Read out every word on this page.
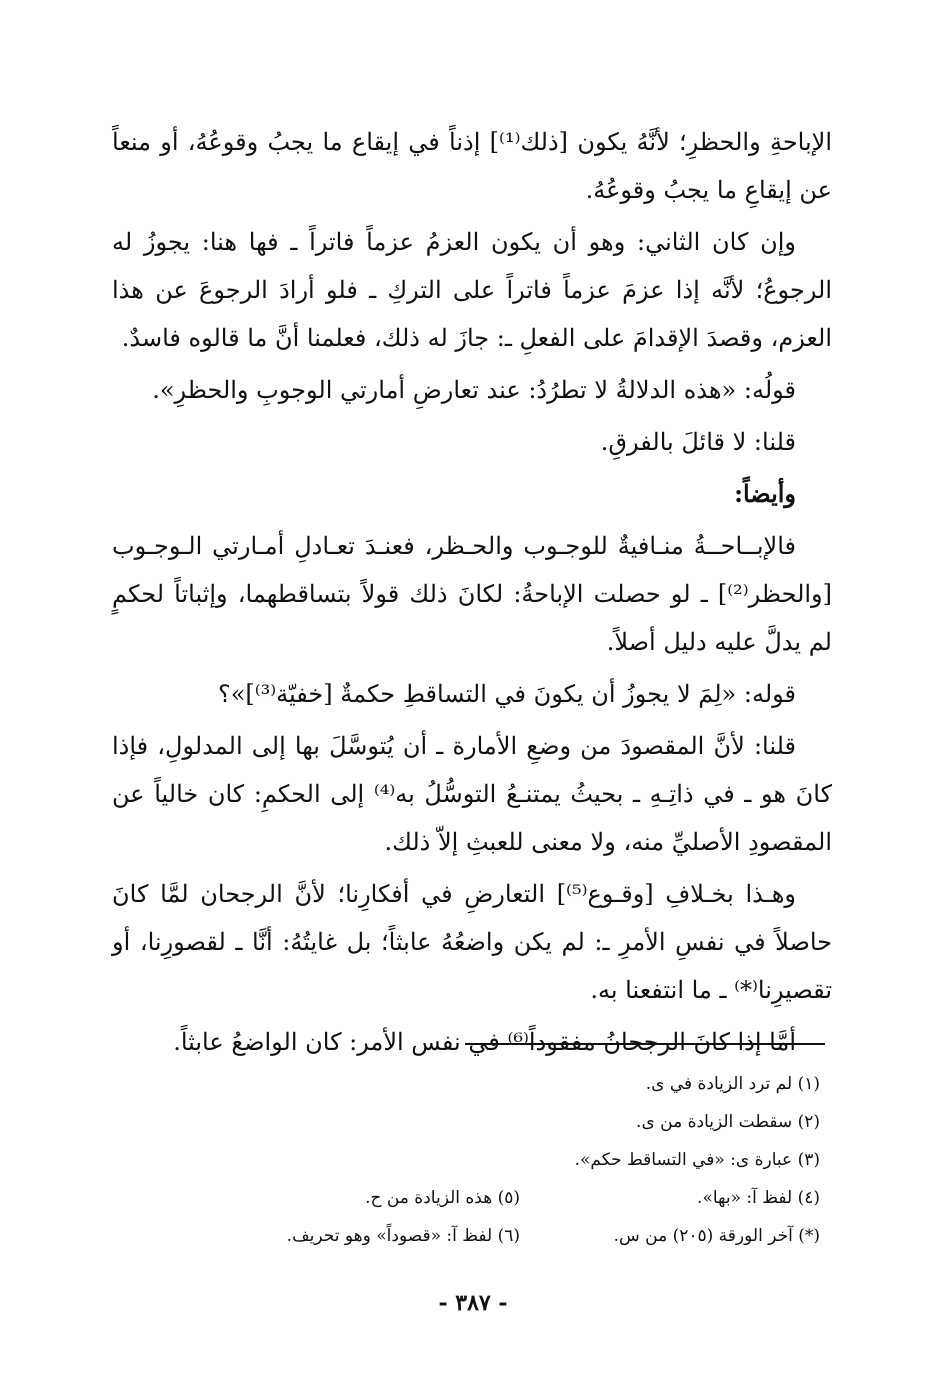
الإباحةِ والحظرِ؛ لأنَّهُ يكون [ذلك⁽¹⁾] إذناً في إيقاع ما يجبُ وقوعُهُ، أو منعاً عن إيقاعِ ما يجبُ وقوعُهُ.

وإن كان الثاني: وهو أن يكون العزمُ عزماً فاتراً ـ فها هنا: يجوزُ له الرجوعُ؛ لأنَّه إذا عزمَ عزماً فاتراً على التركِ ـ فلو أرادَ الرجوعَ عن هذا العزم، وقصدَ الإقدامَ على الفعلِ ـ: جازَ له ذلك، فعلمنا أنَّ ما قالوه فاسدٌ.

قولُه: «هذه الدلالةُ لا تطرُدُ: عند تعارضِ أمارتي الوجوبِ والحظرِ».

قلنا: لا قائلَ بالفرقِ.

وأيضاً:

فالإبــاحــةُ منـافيةٌ للوجـوب والحـظر، فعنـدَ تعـادلِ أمـارتي الـوجـوب [والحظر⁽²⁾] ـ لو حصلت الإباحةُ: لكانَ ذلك قولاً بتساقطهما، وإثباتاً لحكمٍ لم يدلَّ عليه دليل أصلاً.

قوله: «لِمَ لا يجوزُ أن يكونَ في التساقطِ حكمةٌ [خفيّة⁽³⁾]»؟

قلنا: لأنَّ المقصودَ من وضعِ الأمارة ـ أن يُتوسَّلَ بها إلى المدلولِ، فإذا كانَ هو ـ في ذاتِـهِ ـ بحيثُ يمتنـعُ التوسُّلُ به⁽⁴⁾ إلى الحكمِ: كان خالياً عن المقصودِ الأصليِّ منه، ولا معنى للعبثِ إلاّ ذلك.

وهـذا بخـلافِ [وقـوع⁽⁵⁾] التعارضِ في أفكارِنا؛ لأنَّ الرجحان لمَّا كانَ حاصلاً في نفسِ الأمرِ ـ: لم يكن واضعُهُ عابثاً؛ بل غايتُهُ: أنَّا ـ لقصورِنا، أو تقصيرِنا⁽*⁾ ـ ما انتفعنا به.

أمَّا إذا كانَ الرجحانُ مفقوداً⁽⁶⁾ في نفس الأمر: كان الواضعُ عابثاً.

(١) لم ترد الزيادة في ى.
(٢) سقطت الزيادة من ى.
(٣) عبارة ى: «في التساقط حكم».
(٤) لفظ آ: «بها».
(٥) هذه الزيادة من ح.
(*) آخر الورقة (٢٠٥) من س.
(٦) لفظ آ: «قصوداً» وهو تحريف.
- ٣٨٧ -
